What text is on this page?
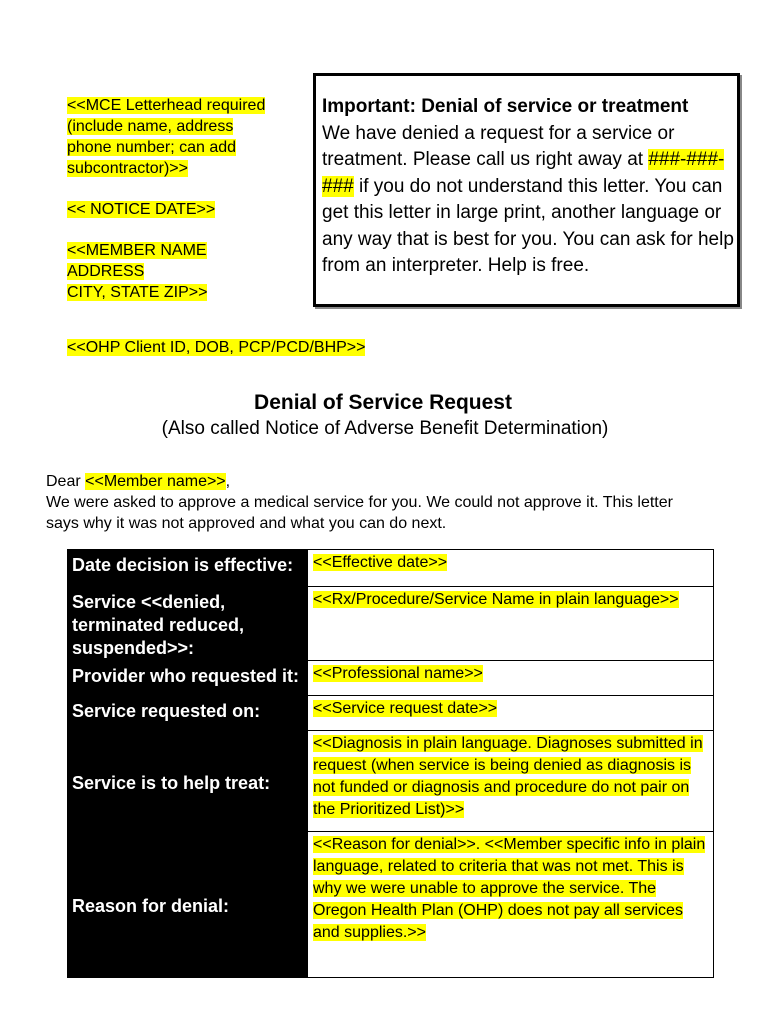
<<MCE Letterhead required
(include name, address
phone number; can add
subcontractor)>>
<< NOTICE DATE>>
<<MEMBER NAME
ADDRESS
CITY, STATE ZIP>>
Important: Denial of service or treatment
We have denied a request for a service or treatment. Please call us right away at ###-###-### if you do not understand this letter. You can get this letter in large print, another language or any way that is best for you. You can ask for help from an interpreter. Help is free.
<<OHP Client ID, DOB, PCP/PCD/BHP>>
Denial of Service Request
(Also called Notice of Adverse Benefit Determination)
Dear <<Member name>>,
We were asked to approve a medical service for you. We could not approve it. This letter says why it was not approved and what you can do next.
Date decision is effective:	<<Effective date>>
Service <<denied, terminated reduced, suspended>>:	<<Rx/Procedure/Service Name in plain language>>
Provider who requested it:	<<Professional name>>
Service requested on:	<<Service request date>>
Service is to help treat:	<<Diagnosis in plain language. Diagnoses submitted in request (when service is being denied as diagnosis is not funded or diagnosis and procedure do not pair on the Prioritized List)>>
Reason for denial:	<<Reason for denial>>. <<Member specific info in plain language, related to criteria that was not met. This is why we were unable to approve the service. The Oregon Health Plan (OHP) does not pay all services and supplies.>>
